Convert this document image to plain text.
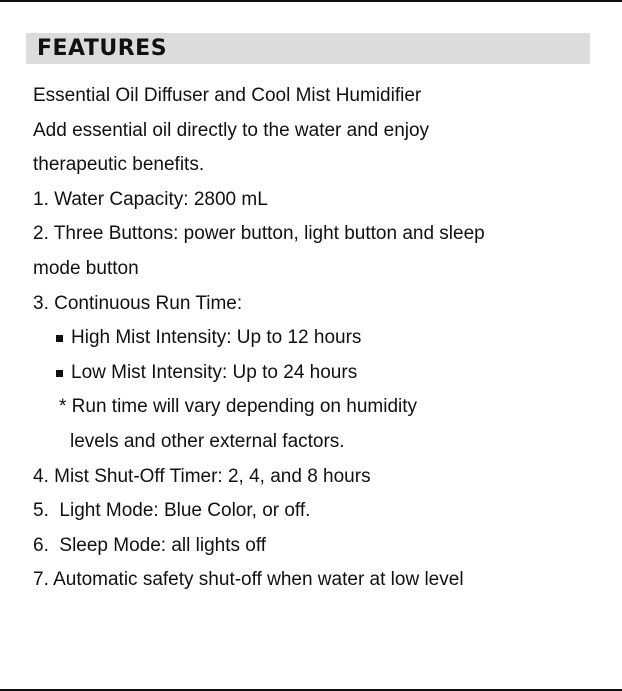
FEATURES
Essential Oil Diffuser and Cool Mist Humidifier
Add essential oil directly to the water and enjoy
therapeutic benefits.
1. Water Capacity: 2800 mL
2. Three Buttons: power button, light button and sleep
mode button
3. Continuous Run Time:
High Mist Intensity: Up to 12 hours
Low Mist Intensity: Up to 24 hours
* Run time will vary depending on humidity
levels and other external factors.
4. Mist Shut-Off Timer: 2, 4, and 8 hours
5.  Light Mode: Blue Color, or off.
6.  Sleep Mode: all lights off
7. Automatic safety shut-off when water at low level
